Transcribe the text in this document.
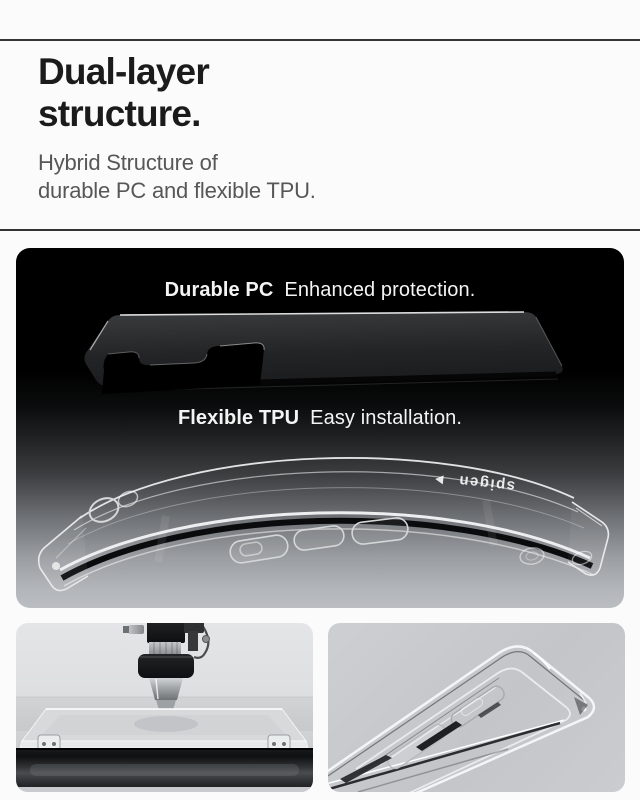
Dual-layer
structure.
Hybrid Structure of
durable PC and flexible TPU.
Durable PC Enhanced protection.
Flexible TPU Easy installation.
spigen
